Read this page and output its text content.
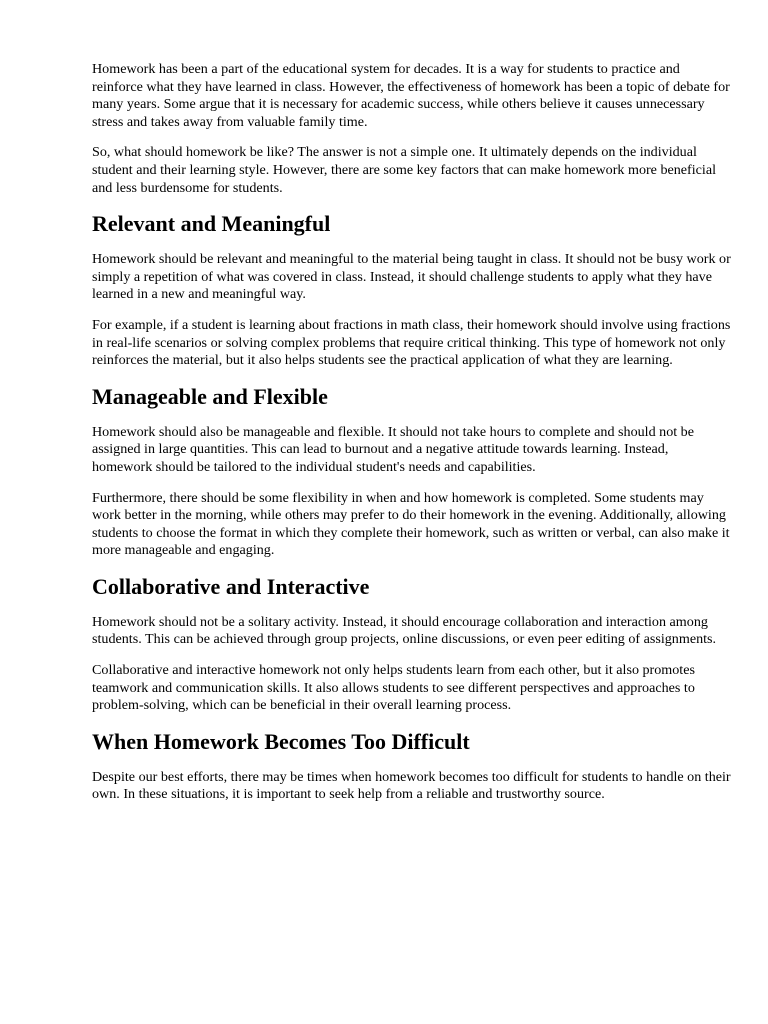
Homework has been a part of the educational system for decades. It is a way for students to practice and reinforce what they have learned in class. However, the effectiveness of homework has been a topic of debate for many years. Some argue that it is necessary for academic success, while others believe it causes unnecessary stress and takes away from valuable family time.

So, what should homework be like? The answer is not a simple one. It ultimately depends on the individual student and their learning style. However, there are some key factors that can make homework more beneficial and less burdensome for students.

Relevant and Meaningful

Homework should be relevant and meaningful to the material being taught in class. It should not be busy work or simply a repetition of what was covered in class. Instead, it should challenge students to apply what they have learned in a new and meaningful way.

For example, if a student is learning about fractions in math class, their homework should involve using fractions in real-life scenarios or solving complex problems that require critical thinking. This type of homework not only reinforces the material, but it also helps students see the practical application of what they are learning.

Manageable and Flexible

Homework should also be manageable and flexible. It should not take hours to complete and should not be assigned in large quantities. This can lead to burnout and a negative attitude towards learning. Instead, homework should be tailored to the individual student's needs and capabilities.

Furthermore, there should be some flexibility in when and how homework is completed. Some students may work better in the morning, while others may prefer to do their homework in the evening. Additionally, allowing students to choose the format in which they complete their homework, such as written or verbal, can also make it more manageable and engaging.

Collaborative and Interactive

Homework should not be a solitary activity. Instead, it should encourage collaboration and interaction among students. This can be achieved through group projects, online discussions, or even peer editing of assignments.

Collaborative and interactive homework not only helps students learn from each other, but it also promotes teamwork and communication skills. It also allows students to see different perspectives and approaches to problem-solving, which can be beneficial in their overall learning process.

When Homework Becomes Too Difficult

Despite our best efforts, there may be times when homework becomes too difficult for students to handle on their own. In these situations, it is important to seek help from a reliable and trustworthy source.
